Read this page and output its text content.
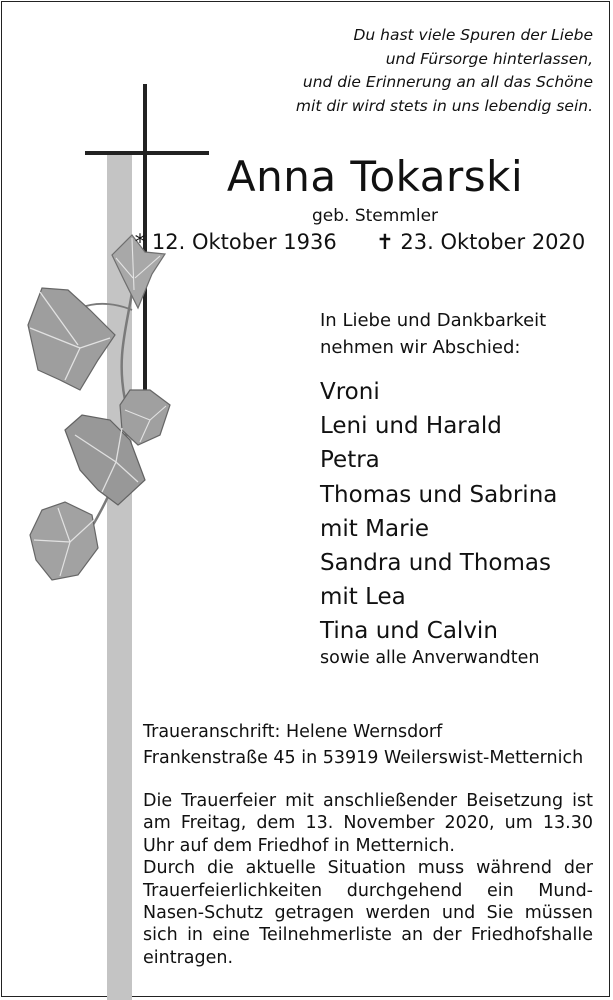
Du hast viele Spuren der Liebe
und Fürsorge hinterlassen,
und die Erinnerung an all das Schöne
mit dir wird stets in uns lebendig sein.
Anna Tokarski
geb. Stemmler
* 12. Oktober 1936 ✝ 23. Oktober 2020
In Liebe und Dankbarkeit
nehmen wir Abschied:
Vroni
Leni und Harald
Petra
Thomas und Sabrina
mit Marie
Sandra und Thomas
mit Lea
Tina und Calvin
sowie alle Anverwandten
Traueranschrift: Helene Wernsdorf
Frankenstraße 45 in 53919 Weilerswist-Metternich
Die Trauerfeier mit anschließender Beisetzung ist
am Freitag, dem 13. November 2020, um 13.30
Uhr auf dem Friedhof in Metternich.
Durch die aktuelle Situation muss während der
Trauerfeierlichkeiten durchgehend ein Mund-
Nasen-Schutz getragen werden und Sie müssen
sich in eine Teilnehmerliste an der Friedhofshalle
eintragen.
